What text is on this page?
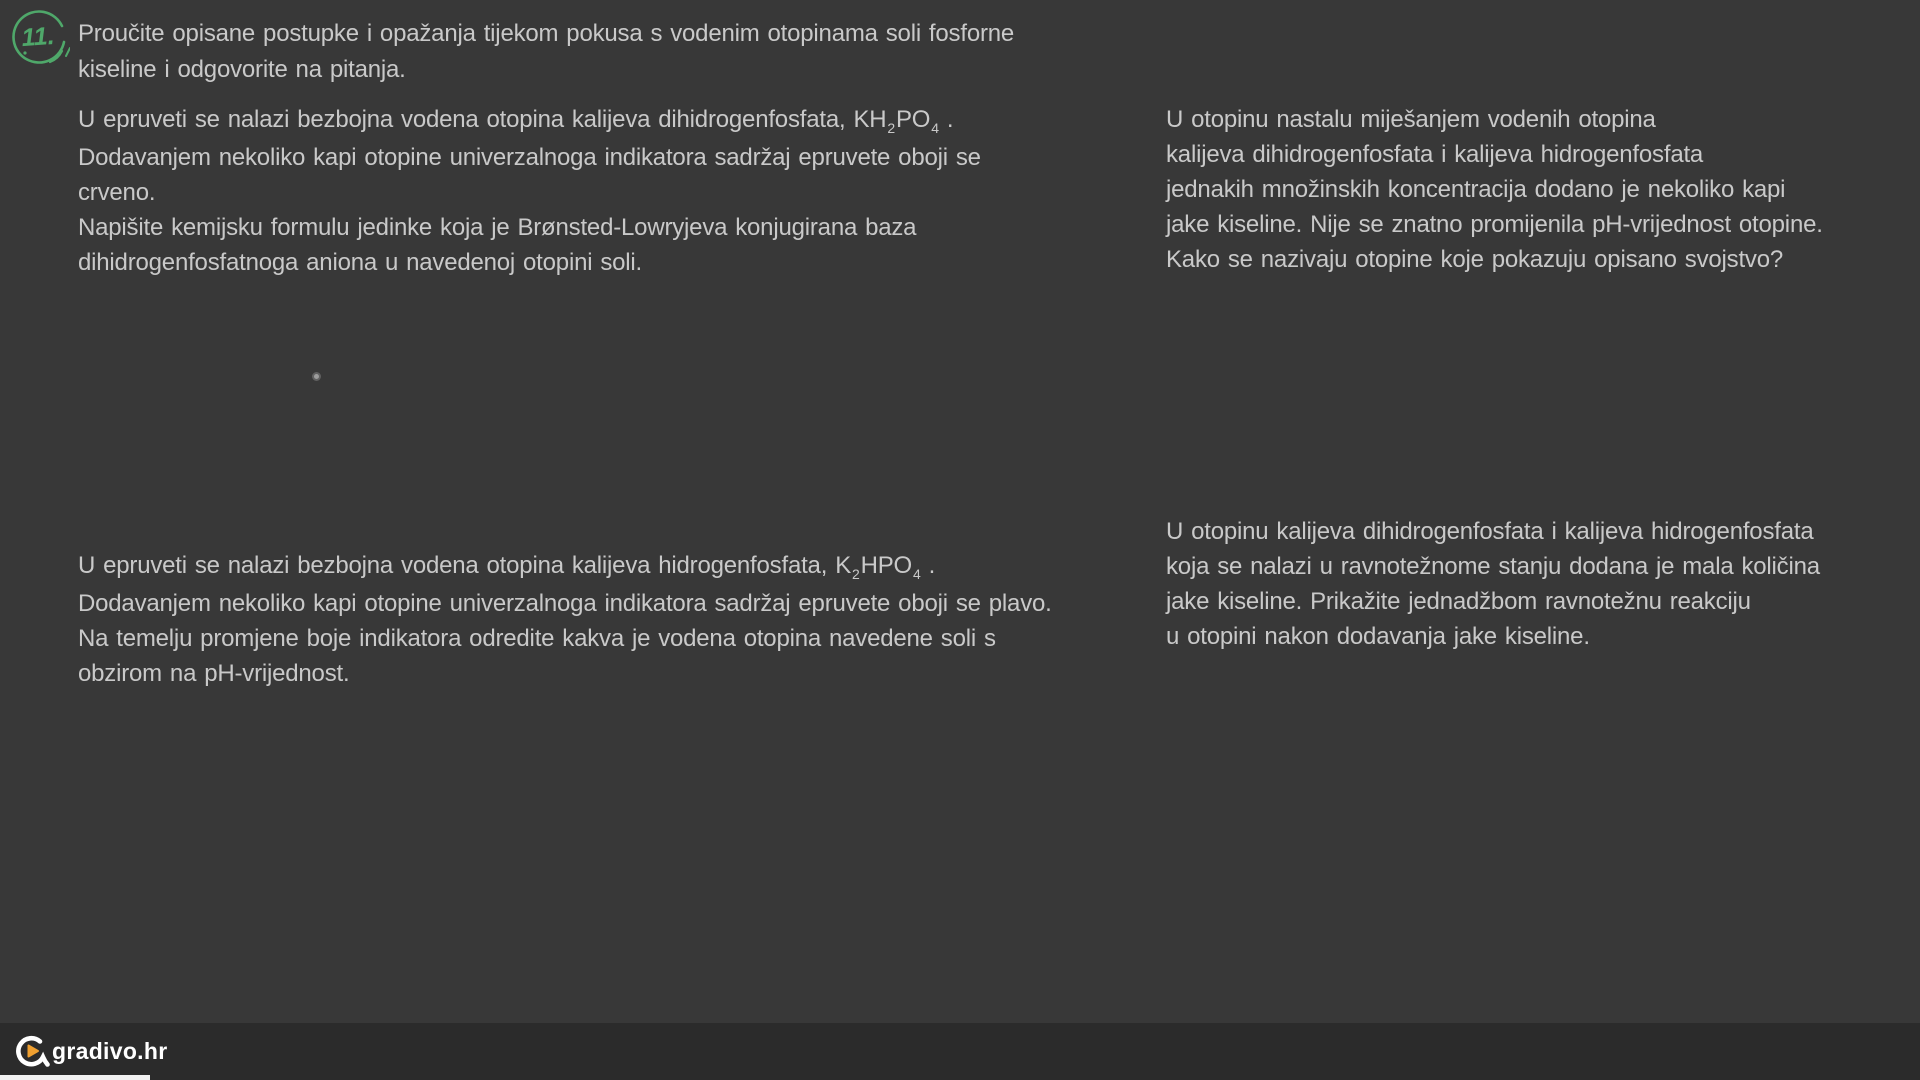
11. Proučite opisane postupke i opažanja tijekom pokusa s vodenim otopinama soli fosforne
kiseline i odgovorite na pitanja.
U epruveti se nalazi bezbojna vodena otopina kalijeva dihidrogenfosfata, $KH_2PO_4$ .
Dodavanjem nekoliko kapi otopine univerzalnoga indikatora sadržaj epruvete oboji se
crveno.
Napišite kemijsku formulu jedinke koja je Brønsted-Lowryjeva konjugirana baza
dihidrogenfosfatnoga aniona u navedenoj otopini soli.
U otopinu nastalu miješanjem vodenih otopina
kalijeva dihidrogenfosfata i kalijeva hidrogenfosfata
jednakih množinskih koncentracija dodano je nekoliko kapi
jake kiseline. Nije se znatno promijenila pH-vrijednost otopine.
Kako se nazivaju otopine koje pokazuju opisano svojstvo?
U otopinu kalijeva dihidrogenfosfata i kalijeva hidrogenfosfata
koja se nalazi u ravnotežnome stanju dodana je mala količina
jake kiseline. Prikažite jednadžbom ravnotežnu reakciju
u otopini nakon dodavanja jake kiseline.
U epruveti se nalazi bezbojna vodena otopina kalijeva hidrogenfosfata, $K_2HPO_4$ .
Dodavanjem nekoliko kapi otopine univerzalnoga indikatora sadržaj epruvete oboji se plavo.
Na temelju promjene boje indikatora odredite kakva je vodena otopina navedene soli s
obzirom na pH-vrijednost.
gradivo.hr
